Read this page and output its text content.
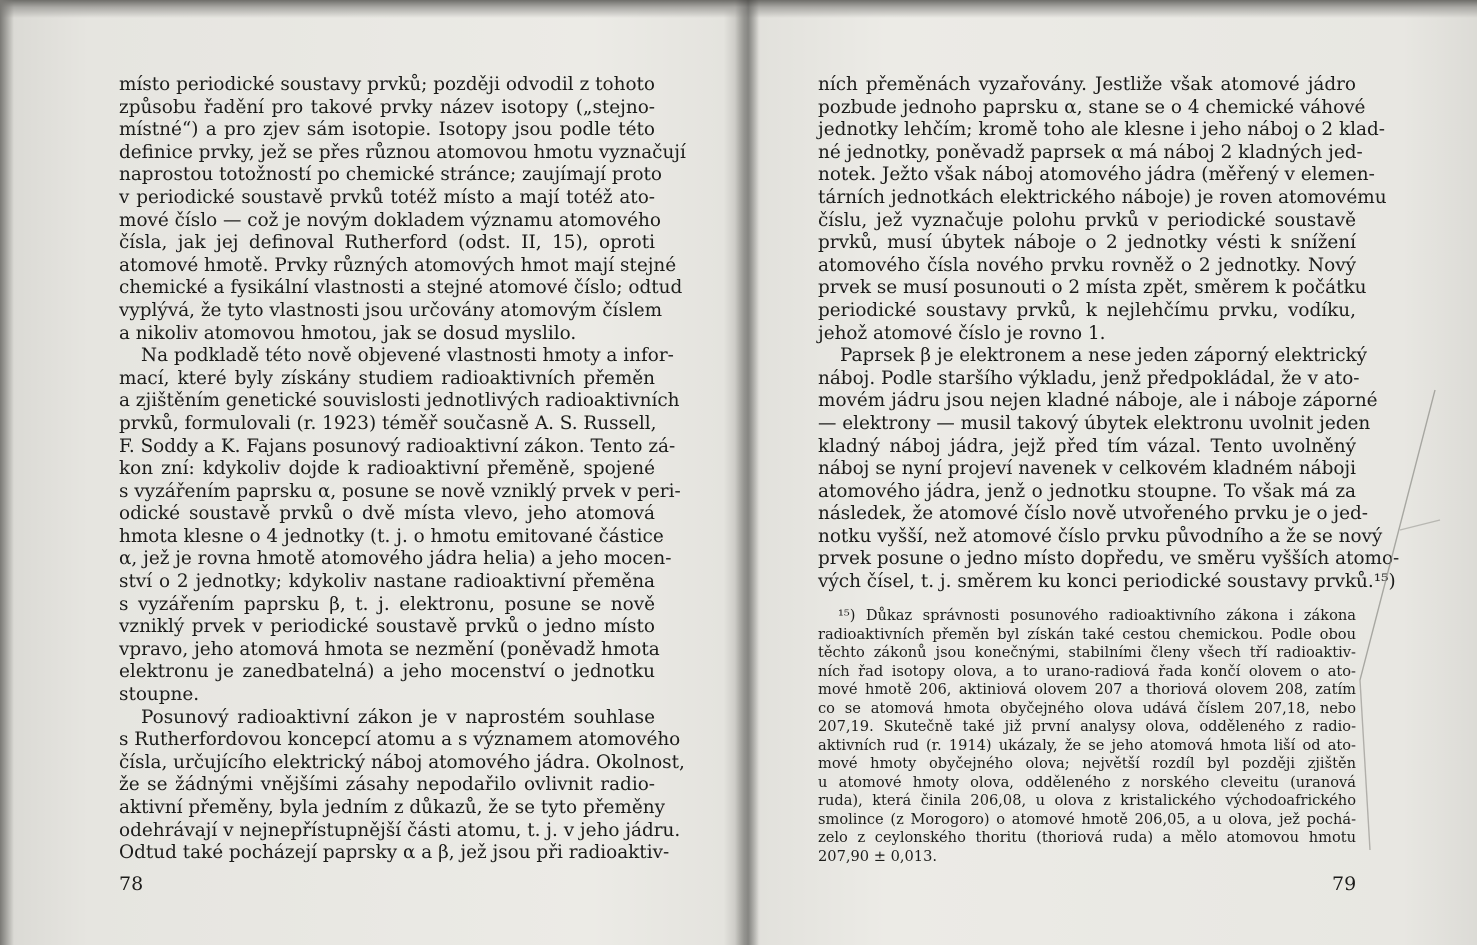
místo periodické soustavy prvků; později odvodil z tohoto
způsobu řadění pro takové prvky název isotopy („stejno-
místné“) a pro zjev sám isotopie. Isotopy jsou podle této
definice prvky, jež se přes různou atomovou hmotu vyznačují
naprostou totožností po chemické stránce; zaujímají proto
v periodické soustavě prvků totéž místo a mají totéž ato-
mové číslo — což je novým dokladem významu atomového
čísla, jak jej definoval Rutherford (odst. II, 15), oproti
atomové hmotě. Prvky různých atomových hmot mají stejné
chemické a fysikální vlastnosti a stejné atomové číslo; odtud
vyplývá, že tyto vlastnosti jsou určovány atomovým číslem
a nikoliv atomovou hmotou, jak se dosud myslilo.
Na podkladě této nově objevené vlastnosti hmoty a infor-
mací, které byly získány studiem radioaktivních přeměn
a zjištěním genetické souvislosti jednotlivých radioaktivních
prvků, formulovali (r. 1923) téměř současně A. S. Russell,
F. Soddy a K. Fajans posunový radioaktivní zákon. Tento zá-
kon zní: kdykoliv dojde k radioaktivní přeměně, spojené
s vyzářením paprsku α, posune se nově vzniklý prvek v peri-
odické soustavě prvků o dvě místa vlevo, jeho atomová
hmota klesne o 4 jednotky (t. j. o hmotu emitované částice
α, jež je rovna hmotě atomového jádra helia) a jeho mocen-
ství o 2 jednotky; kdykoliv nastane radioaktivní přeměna
s vyzářením paprsku β, t. j. elektronu, posune se nově
vzniklý prvek v periodické soustavě prvků o jedno místo
vpravo, jeho atomová hmota se nezmění (poněvadž hmota
elektronu je zanedbatelná) a jeho mocenství o jednotku
stoupne.
Posunový radioaktivní zákon je v naprostém souhlase
s Rutherfordovou koncepcí atomu a s významem atomového
čísla, určujícího elektrický náboj atomového jádra. Okolnost,
že se žádnými vnějšími zásahy nepodařilo ovlivnit radio-
aktivní přeměny, byla jedním z důkazů, že se tyto přeměny
odehrávají v nejnepřístupnější části atomu, t. j. v jeho jádru.
Odtud také pocházejí paprsky α a β, jež jsou při radioaktiv-
78
ních přeměnách vyzařovány. Jestliže však atomové jádro
pozbude jednoho paprsku α, stane se o 4 chemické váhové
jednotky lehčím; kromě toho ale klesne i jeho náboj o 2 klad-
né jednotky, poněvadž paprsek α má náboj 2 kladných jed-
notek. Ježto však náboj atomového jádra (měřený v elemen-
tárních jednotkách elektrického náboje) je roven atomovému
číslu, jež vyznačuje polohu prvků v periodické soustavě
prvků, musí úbytek náboje o 2 jednotky vésti k snížení
atomového čísla nového prvku rovněž o 2 jednotky. Nový
prvek se musí posunouti o 2 místa zpět, směrem k počátku
periodické soustavy prvků, k nejlehčímu prvku, vodíku,
jehož atomové číslo je rovno 1.
Paprsek β je elektronem a nese jeden záporný elektrický
náboj. Podle staršího výkladu, jenž předpokládal, že v ato-
movém jádru jsou nejen kladné náboje, ale i náboje záporné
— elektrony — musil takový úbytek elektronu uvolnit jeden
kladný náboj jádra, jejž před tím vázal. Tento uvolněný
náboj se nyní projeví navenek v celkovém kladném náboji
atomového jádra, jenž o jednotku stoupne. To však má za
následek, že atomové číslo nově utvořeného prvku je o jed-
notku vyšší, než atomové číslo prvku původního a že se nový
prvek posune o jedno místo dopředu, ve směru vyšších atomo-
vých čísel, t. j. směrem ku konci periodické soustavy prvků.¹⁵)
¹⁵) Důkaz správnosti posunového radioaktivního zákona i zákona
radioaktivních přeměn byl získán také cestou chemickou. Podle obou
těchto zákonů jsou konečnými, stabilními členy všech tří radioaktiv-
ních řad isotopy olova, a to urano-radiová řada končí olovem o ato-
mové hmotě 206, aktiniová olovem 207 a thoriová olovem 208, zatím
co se atomová hmota obyčejného olova udává číslem 207,18, nebo
207,19. Skutečně také již první analysy olova, odděleného z radio-
aktivních rud (r. 1914) ukázaly, že se jeho atomová hmota liší od ato-
mové hmoty obyčejného olova; největší rozdíl byl později zjištěn
u atomové hmoty olova, odděleného z norského cleveitu (uranová
ruda), která činila 206,08, u olova z kristalického východoafrického
smolince (z Morogoro) o atomové hmotě 206,05, a u olova, jež pochá-
zelo z ceylonského thoritu (thoriová ruda) a mělo atomovou hmotu
207,90 ± 0,013.
79
